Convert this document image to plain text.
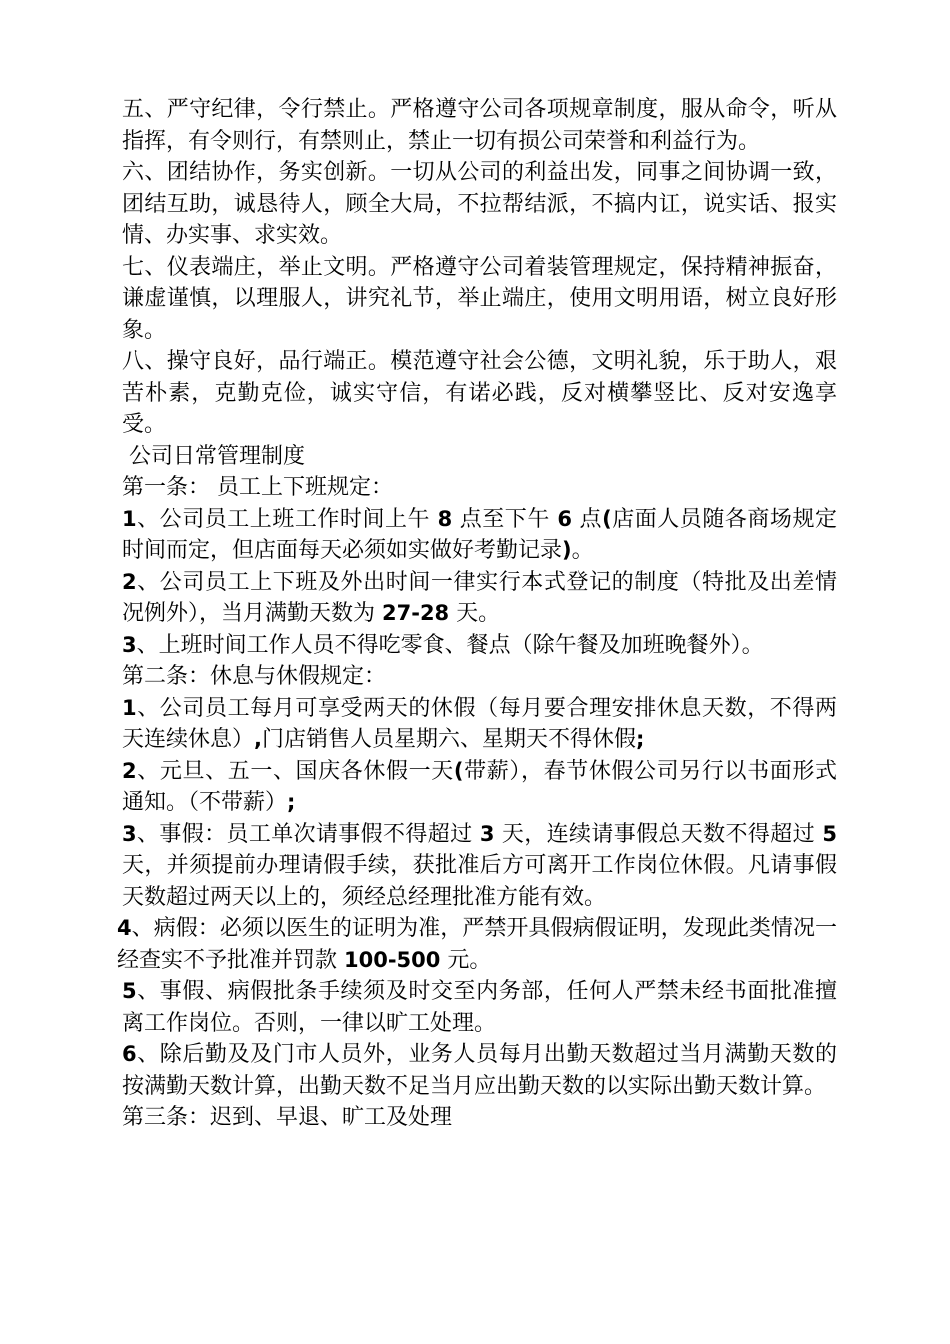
五、严守纪律，令行禁止。严格遵守公司各项规章制度，服从命令，听从指挥，有令则行，有禁则止，禁止一切有损公司荣誉和利益行为。

六、团结协作，务实创新。一切从公司的利益出发，同事之间协调一致，团结互助，诚恳待人，顾全大局，不拉帮结派，不搞内讧，说实话、报实情、办实事、求实效。

七、仪表端庄，举止文明。严格遵守公司着装管理规定，保持精神振奋，谦虚谨慎，以理服人，讲究礼节，举止端庄，使用文明用语，树立良好形象。

八、操守良好，品行端正。模范遵守社会公德，文明礼貌，乐于助人，艰苦朴素，克勤克俭，诚实守信，有诺必践，反对横攀竖比、反对安逸享受。

公司日常管理制度

第一条： 员工上下班规定：

1、公司员工上班工作时间上午 8 点至下午 6 点(店面人员随各商场规定时间而定，但店面每天必须如实做好考勤记录)。

2、公司员工上下班及外出时间一律实行本式登记的制度（特批及出差情况例外），当月满勤天数为 27-28 天。

3、上班时间工作人员不得吃零食、餐点（除午餐及加班晚餐外）。

第二条：休息与休假规定：

1、公司员工每月可享受两天的休假（每月要合理安排休息天数，不得两天连续休息）,门店销售人员星期六、星期天不得休假;

2、元旦、五一、国庆各休假一天(带薪），春节休假公司另行以书面形式通知。（不带薪）;

3、事假：员工单次请事假不得超过 3 天，连续请事假总天数不得超过 5 天，并须提前办理请假手续，获批准后方可离开工作岗位休假。凡请事假天数超过两天以上的，须经总经理批准方能有效。

4、病假：必须以医生的证明为准，严禁开具假病假证明，发现此类情况一经查实不予批准并罚款 100-500 元。

5、事假、病假批条手续须及时交至内务部，任何人严禁未经书面批准擅离工作岗位。否则，一律以旷工处理。

6、除后勤及及门市人员外，业务人员每月出勤天数超过当月满勤天数的按满勤天数计算，出勤天数不足当月应出勤天数的以实际出勤天数计算。

第三条：迟到、早退、旷工及处理
